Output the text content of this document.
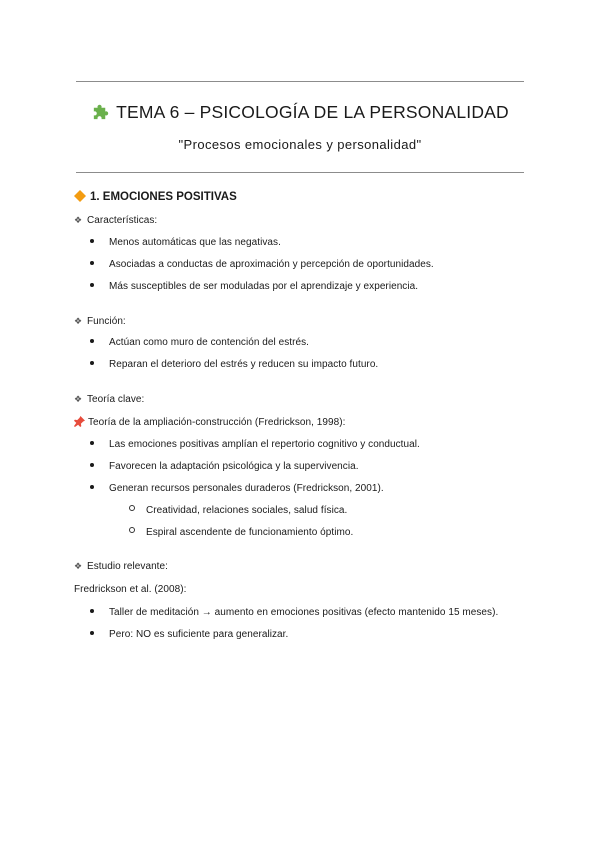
TEMA 6 – PSICOLOGÍA DE LA PERSONALIDAD
"Procesos emocionales y personalidad"
1. EMOCIONES POSITIVAS
❖ Características:
Menos automáticas que las negativas.
Asociadas a conductas de aproximación y percepción de oportunidades.
Más susceptibles de ser moduladas por el aprendizaje y experiencia.
❖ Función:
Actúan como muro de contención del estrés.
Reparan el deterioro del estrés y reducen su impacto futuro.
❖ Teoría clave:
Teoría de la ampliación-construcción (Fredrickson, 1998):
Las emociones positivas amplían el repertorio cognitivo y conductual.
Favorecen la adaptación psicológica y la supervivencia.
Generan recursos personales duraderos (Fredrickson, 2001).
Creatividad, relaciones sociales, salud física.
Espiral ascendente de funcionamiento óptimo.
❖ Estudio relevante:
Fredrickson et al. (2008):
Taller de meditación → aumento en emociones positivas (efecto mantenido 15 meses).
Pero: NO es suficiente para generalizar.
